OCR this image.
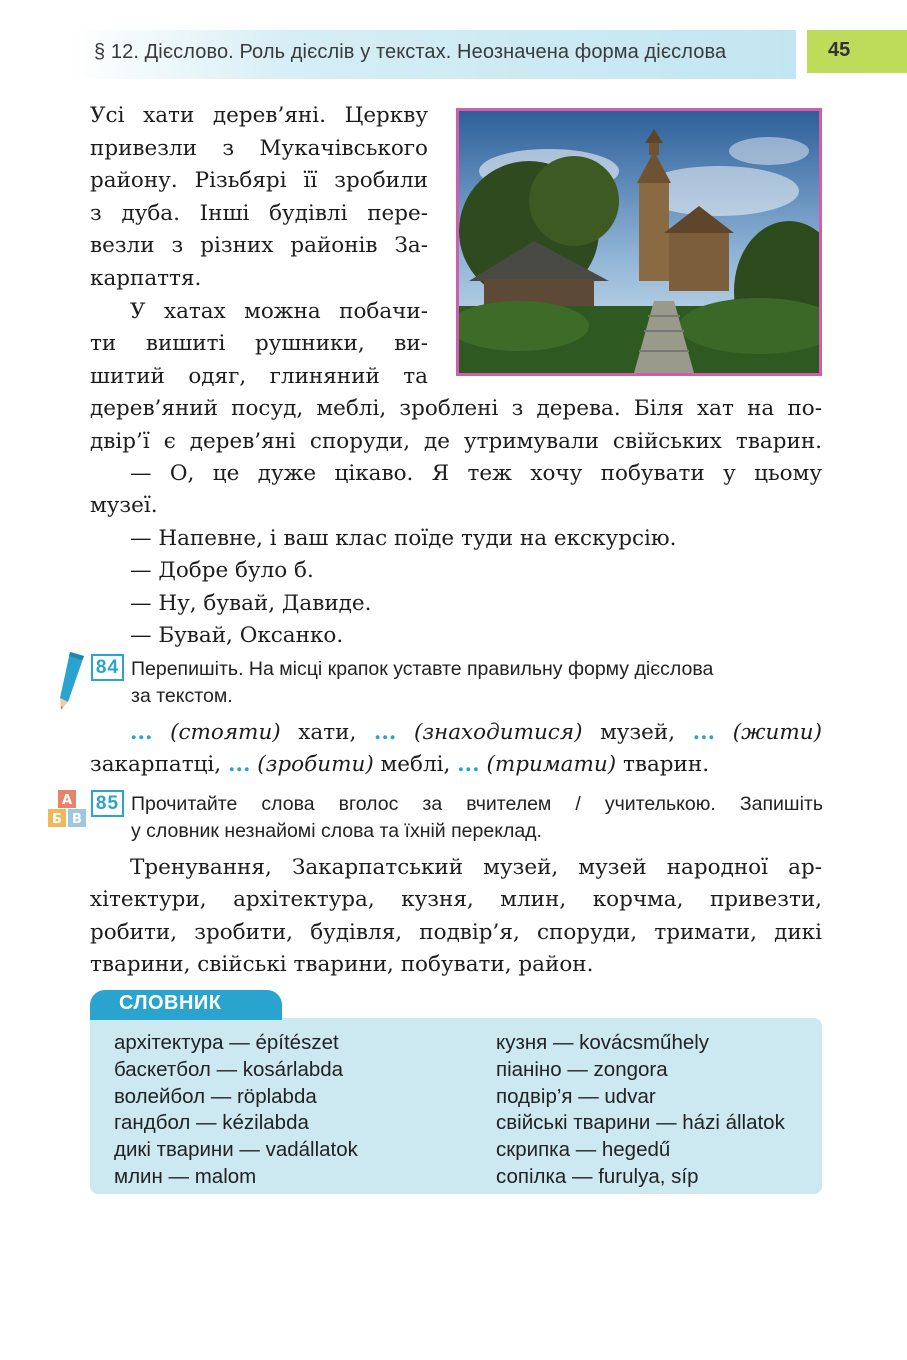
§ 12. Дієслово. Роль дієслів у текстах. Неозначена форма дієслова	45
Усі хати дерев’яні. Церкву
привезли з Мукачівського
району. Різьбярі її зробили
з дуба. Інші будівлі пере-
везли з різних районів За-
карпаття.
У хатах можна побачи-
ти вишиті рушники, ви-
шитий одяг, глиняний та
дерев’яний посуд, меблі, зроблені з дерева. Біля хат на по-
двір’ї є дерев’яні споруди, де утримували свійських тварин.
— О, це дуже цікаво. Я теж хочу побувати у цьому
музеї.
— Напевне, і ваш клас поїде туди на екскурсію.
— Добре було б.
— Ну, бувай, Давиде.
— Бувай, Оксанко.
84 Перепишіть. На місці крапок уставте правильну форму дієслова
за текстом.
... (стояти) хати, ... (знаходитися) музей, ... (жити)
закарпатці, ... (зробити) меблі, ... (тримати) тварин.
А
Б В
85 Прочитайте слова вголос за вчителем / учителькою. Запишіть
у словник незнайомі слова та їхній переклад.
Тренування, Закарпатський музей, музей народної ар-
хітектури, архітектура, кузня, млин, корчма, привезти,
робити, зробити, будівля, подвір’я, споруди, тримати, дикі
тварини, свійські тварини, побувати, район.
СЛОВНИК
архітектура — építészet
баскетбол — kosárlabda
волейбол — röplabda
гандбол — kézilabda
дикі тварини — vadállatok
млин — malom
кузня — kovácsműhely
піаніно — zongora
подвір’я — udvar
свійські тварини — házi állatok
скрипка — hegedű
сопілка — furulya, síp
